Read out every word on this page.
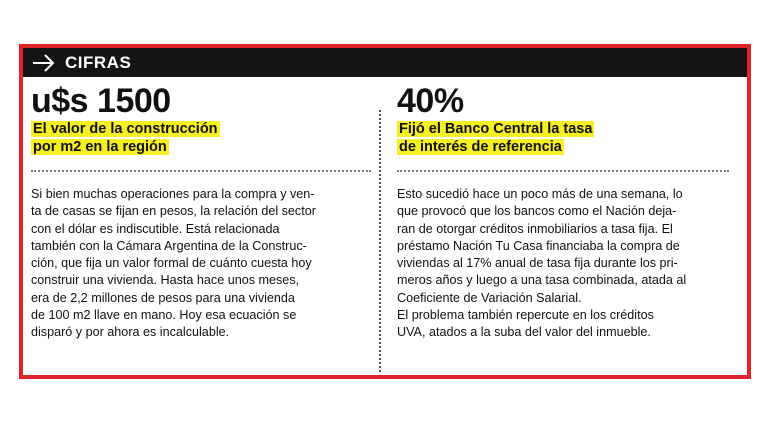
CIFRAS
u$s 1500
El valor de la construcción
por m2 en la región
Si bien muchas operaciones para la compra y ven-
ta de casas se fijan en pesos, la relación del sector
con el dólar es indiscutible. Está relacionada
también con la Cámara Argentina de la Construc-
ción, que fija un valor formal de cuánto cuesta hoy
construir una vivienda. Hasta hace unos meses,
era de 2,2 millones de pesos para una vivienda
de 100 m2 llave en mano. Hoy esa ecuación se
disparó y por ahora es incalculable.
40%
Fijó el Banco Central la tasa
de interés de referencia
Esto sucedió hace un poco más de una semana, lo
que provocó que los bancos como el Nación deja-
ran de otorgar créditos inmobiliarios a tasa fija. El
préstamo Nación Tu Casa financiaba la compra de
viviendas al 17% anual de tasa fija durante los pri-
meros años y luego a una tasa combinada, atada al
Coeficiente de Variación Salarial.
El problema también repercute en los créditos
UVA, atados a la suba del valor del inmueble.
